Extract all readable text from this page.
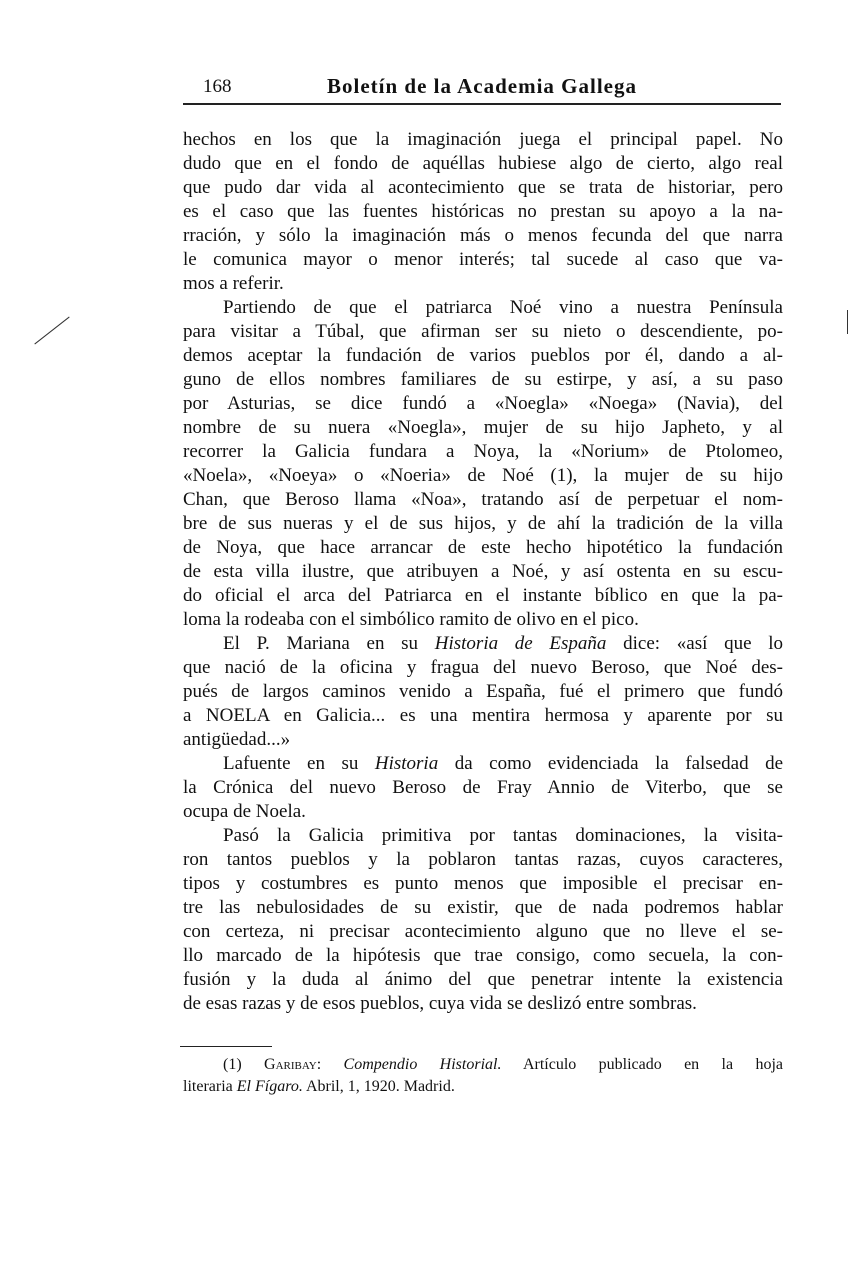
168	Boletín de la Academia Gallega
hechos en los que la imaginación juega el principal papel. No
dudo que en el fondo de aquéllas hubiese algo de cierto, algo real
que pudo dar vida al acontecimiento que se trata de historiar, pero
es el caso que las fuentes históricas no prestan su apoyo a la na-
rración, y sólo la imaginación más o menos fecunda del que narra
le comunica mayor o menor interés; tal sucede al caso que va-
mos a referir.
Partiendo de que el patriarca Noé vino a nuestra Península
para visitar a Túbal, que afirman ser su nieto o descendiente, po-
demos aceptar la fundación de varios pueblos por él, dando a al-
guno de ellos nombres familiares de su estirpe, y así, a su paso
por Asturias, se dice fundó a «Noegla» «Noega» (Navia), del
nombre de su nuera «Noegla», mujer de su hijo Japheto, y al
recorrer la Galicia fundara a Noya, la «Norium» de Ptolomeo,
«Noela», «Noeya» o «Noeria» de Noé (1), la mujer de su hijo
Chan, que Beroso llama «Noa», tratando así de perpetuar el nom-
bre de sus nueras y el de sus hijos, y de ahí la tradición de la villa
de Noya, que hace arrancar de este hecho hipotético la fundación
de esta villa ilustre, que atribuyen a Noé, y así ostenta en su escu-
do oficial el arca del Patriarca en el instante bíblico en que la pa-
loma la rodeaba con el simbólico ramito de olivo en el pico.
El P. Mariana en su Historia de España dice: «así que lo
que nació de la oficina y fragua del nuevo Beroso, que Noé des-
pués de largos caminos venido a España, fué el primero que fundó
a NOELA en Galicia... es una mentira hermosa y aparente por su
antigüedad...»
Lafuente en su Historia da como evidenciada la falsedad de
la Crónica del nuevo Beroso de Fray Annio de Viterbo, que se
ocupa de Noela.
Pasó la Galicia primitiva por tantas dominaciones, la visita-
ron tantos pueblos y la poblaron tantas razas, cuyos caracteres,
tipos y costumbres es punto menos que imposible el precisar en-
tre las nebulosidades de su existir, que de nada podremos hablar
con certeza, ni precisar acontecimiento alguno que no lleve el se-
llo marcado de la hipótesis que trae consigo, como secuela, la con-
fusión y la duda al ánimo del que penetrar intente la existencia
de esas razas y de esos pueblos, cuya vida se deslizó entre sombras.
(1) Garibay: Compendio Historial. Artículo publicado en la hoja
literaria El Fígaro. Abril, 1, 1920. Madrid.
